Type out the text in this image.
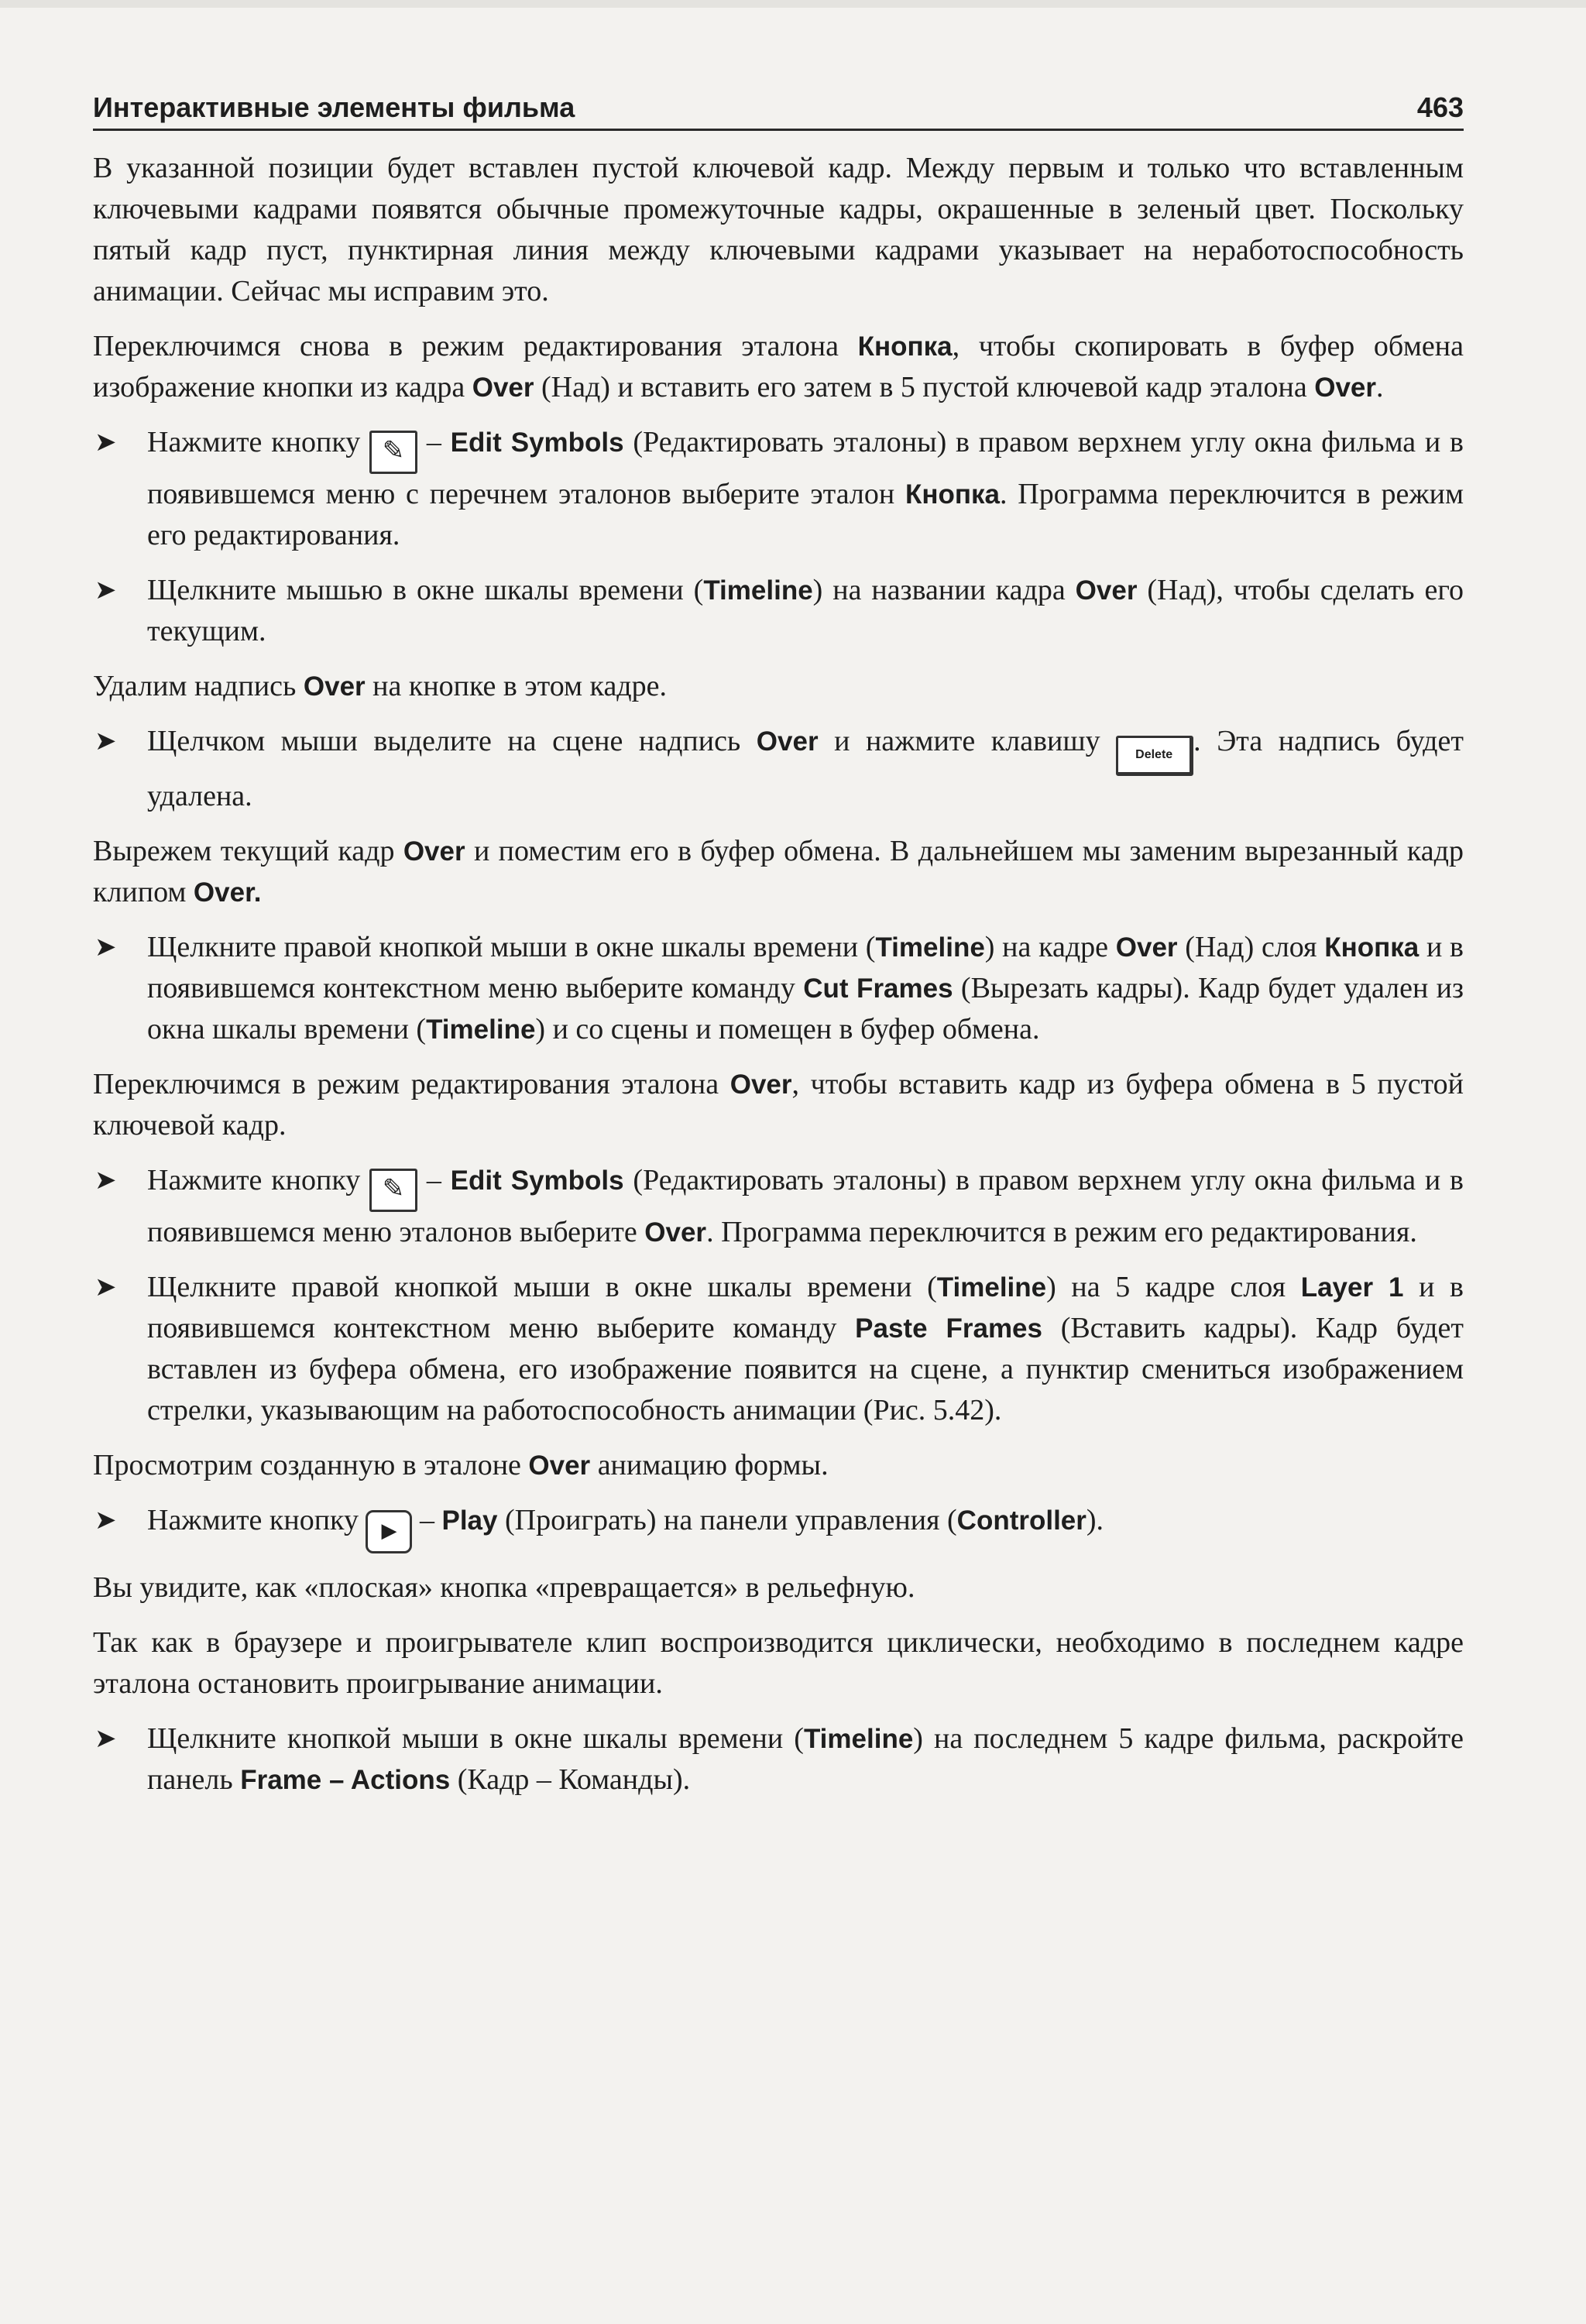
Интерактивные элементы фильма	463

В указанной позиции будет вставлен пустой ключевой кадр. Между первым и только что вставленным ключевыми кадрами появятся обычные промежуточные кадры, окрашенные в зеленый цвет. Поскольку пятый кадр пуст, пунктирная линия между ключевыми кадрами указывает на неработоспособность анимации. Сейчас мы исправим это.

Переключимся снова в режим редактирования эталона Кнопка, чтобы скопировать в буфер обмена изображение кнопки из кадра Over (Над) и вставить его затем в 5 пустой ключевой кадр эталона Over.

➤	Нажмите кнопку ✎ – Edit Symbols (Редактировать эталоны) в правом верхнем углу окна фильма и в появившемся меню с перечнем эталонов выберите эталон Кнопка. Программа переключится в режим его редактирования.

➤	Щелкните мышью в окне шкалы времени (Timeline) на названии кадра Over (Над), чтобы сделать его текущим.

Удалим надпись Over на кнопке в этом кадре.

➤	Щелчком мыши выделите на сцене надпись Over и нажмите клавишу Delete . Эта надпись будет удалена.

Вырежем текущий кадр Over и поместим его в буфер обмена. В дальнейшем мы заменим вырезанный кадр клипом Over.

➤	Щелкните правой кнопкой мыши в окне шкалы времени (Timeline) на кадре Over (Над) слоя Кнопка и в появившемся контекстном меню выберите команду Cut Frames (Вырезать кадры). Кадр будет удален из окна шкалы времени (Timeline) и со сцены и помещен в буфер обмена.

Переключимся в режим редактирования эталона Over, чтобы вставить кадр из буфера обмена в 5 пустой ключевой кадр.

➤	Нажмите кнопку ✎ – Edit Symbols (Редактировать эталоны) в правом верхнем углу окна фильма и в появившемся меню эталонов выберите Over. Программа переключится в режим его редактирования.

➤	Щелкните правой кнопкой мыши в окне шкалы времени (Timeline) на 5 кадре слоя Layer 1 и в появившемся контекстном меню выберите команду Paste Frames (Вставить кадры). Кадр будет вставлен из буфера обмена, его изображение появится на сцене, а пунктир смениться изображением стрелки, указывающим на работоспособность анимации (Рис. 5.42).

Просмотрим созданную в эталоне Over анимацию формы.

➤	Нажмите кнопку ▶ – Play (Проиграть) на панели управления (Controller).

Вы увидите, как «плоская» кнопка «превращается» в рельефную.

Так как в браузере и проигрывателе клип воспроизводится циклически, необходимо в последнем кадре эталона остановить проигрывание анимации.

➤	Щелкните кнопкой мыши в окне шкалы времени (Timeline) на последнем 5 кадре фильма, раскройте панель Frame – Actions (Кадр – Команды).
